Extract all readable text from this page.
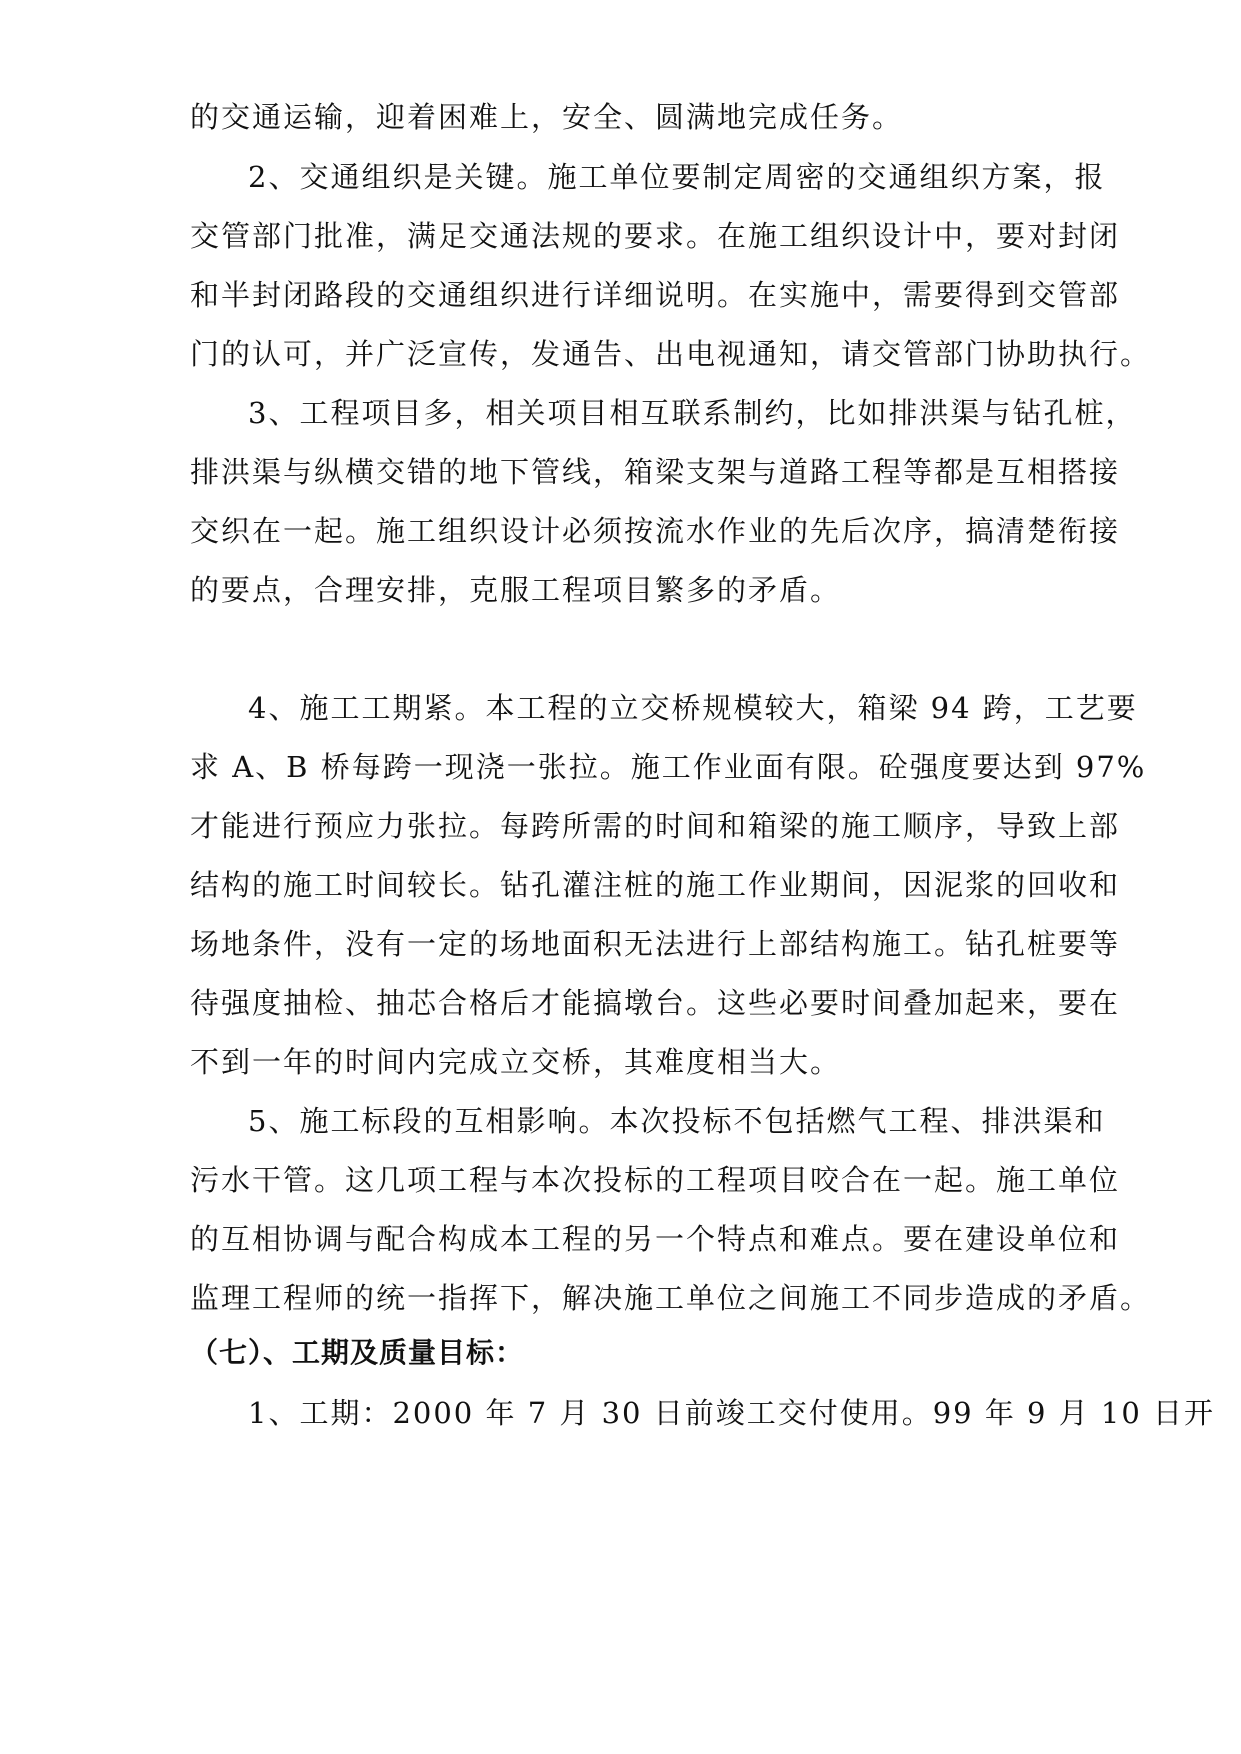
的交通运输，迎着困难上，安全、圆满地完成任务。
2、交通组织是关键。施工单位要制定周密的交通组织方案，报
交管部门批准，满足交通法规的要求。在施工组织设计中，要对封闭
和半封闭路段的交通组织进行详细说明。在实施中，需要得到交管部
门的认可，并广泛宣传，发通告、出电视通知，请交管部门协助执行。
3、工程项目多，相关项目相互联系制约，比如排洪渠与钻孔桩，
排洪渠与纵横交错的地下管线，箱梁支架与道路工程等都是互相搭接
交织在一起。施工组织设计必须按流水作业的先后次序，搞清楚衔接
的要点，合理安排，克服工程项目繁多的矛盾。
4、施工工期紧。本工程的立交桥规模较大，箱梁 94 跨，工艺要
求 A、B 桥每跨一现浇一张拉。施工作业面有限。砼强度要达到 97%
才能进行预应力张拉。每跨所需的时间和箱梁的施工顺序，导致上部
结构的施工时间较长。钻孔灌注桩的施工作业期间，因泥浆的回收和
场地条件，没有一定的场地面积无法进行上部结构施工。钻孔桩要等
待强度抽检、抽芯合格后才能搞墩台。这些必要时间叠加起来，要在
不到一年的时间内完成立交桥，其难度相当大。
5、施工标段的互相影响。本次投标不包括燃气工程、排洪渠和
污水干管。这几项工程与本次投标的工程项目咬合在一起。施工单位
的互相协调与配合构成本工程的另一个特点和难点。要在建设单位和
监理工程师的统一指挥下，解决施工单位之间施工不同步造成的矛盾。
（七）、工期及质量目标：
1、工期：2000 年 7 月 30 日前竣工交付使用。99 年 9 月 10 日开
